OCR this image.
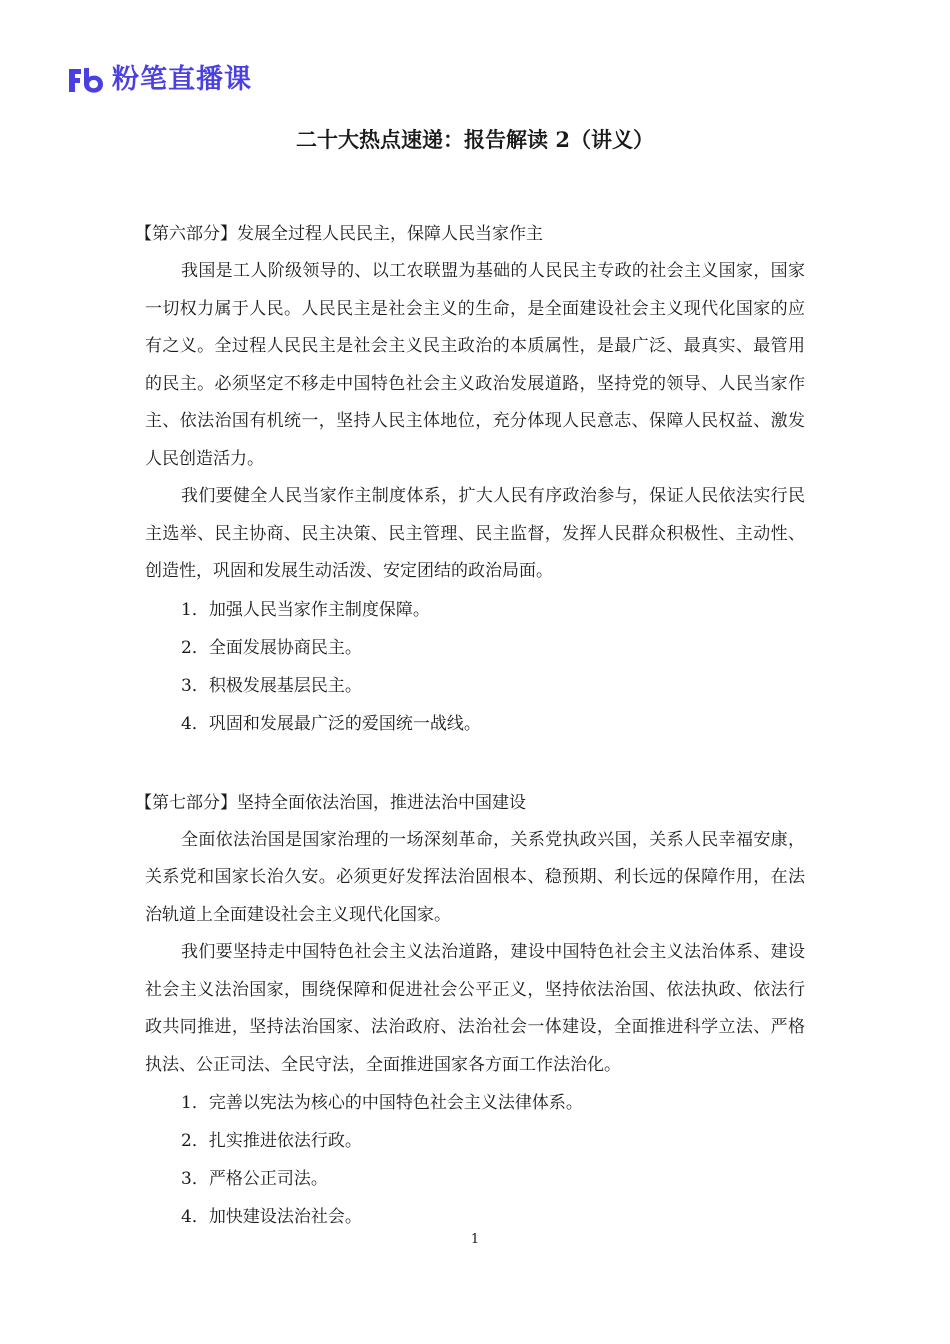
粉笔直播课
二十大热点速递：报告解读 2（讲义）

【第六部分】发展全过程人民民主，保障人民当家作主

我国是工人阶级领导的、以工农联盟为基础的人民民主专政的社会主义国家，国家一切权力属于人民。人民民主是社会主义的生命，是全面建设社会主义现代化国家的应有之义。全过程人民民主是社会主义民主政治的本质属性，是最广泛、最真实、最管用的民主。必须坚定不移走中国特色社会主义政治发展道路，坚持党的领导、人民当家作主、依法治国有机统一，坚持人民主体地位，充分体现人民意志、保障人民权益、激发人民创造活力。

我们要健全人民当家作主制度体系，扩大人民有序政治参与，保证人民依法实行民主选举、民主协商、民主决策、民主管理、民主监督，发挥人民群众积极性、主动性、创造性，巩固和发展生动活泼、安定团结的政治局面。

1．加强人民当家作主制度保障。
2．全面发展协商民主。
3．积极发展基层民主。
4．巩固和发展最广泛的爱国统一战线。

【第七部分】坚持全面依法治国，推进法治中国建设

全面依法治国是国家治理的一场深刻革命，关系党执政兴国，关系人民幸福安康，关系党和国家长治久安。必须更好发挥法治固根本、稳预期、利长远的保障作用，在法治轨道上全面建设社会主义现代化国家。

我们要坚持走中国特色社会主义法治道路，建设中国特色社会主义法治体系、建设社会主义法治国家，围绕保障和促进社会公平正义，坚持依法治国、依法执政、依法行政共同推进，坚持法治国家、法治政府、法治社会一体建设，全面推进科学立法、严格执法、公正司法、全民守法，全面推进国家各方面工作法治化。

1．完善以宪法为核心的中国特色社会主义法律体系。
2．扎实推进依法行政。
3．严格公正司法。
4．加快建设法治社会。
1
